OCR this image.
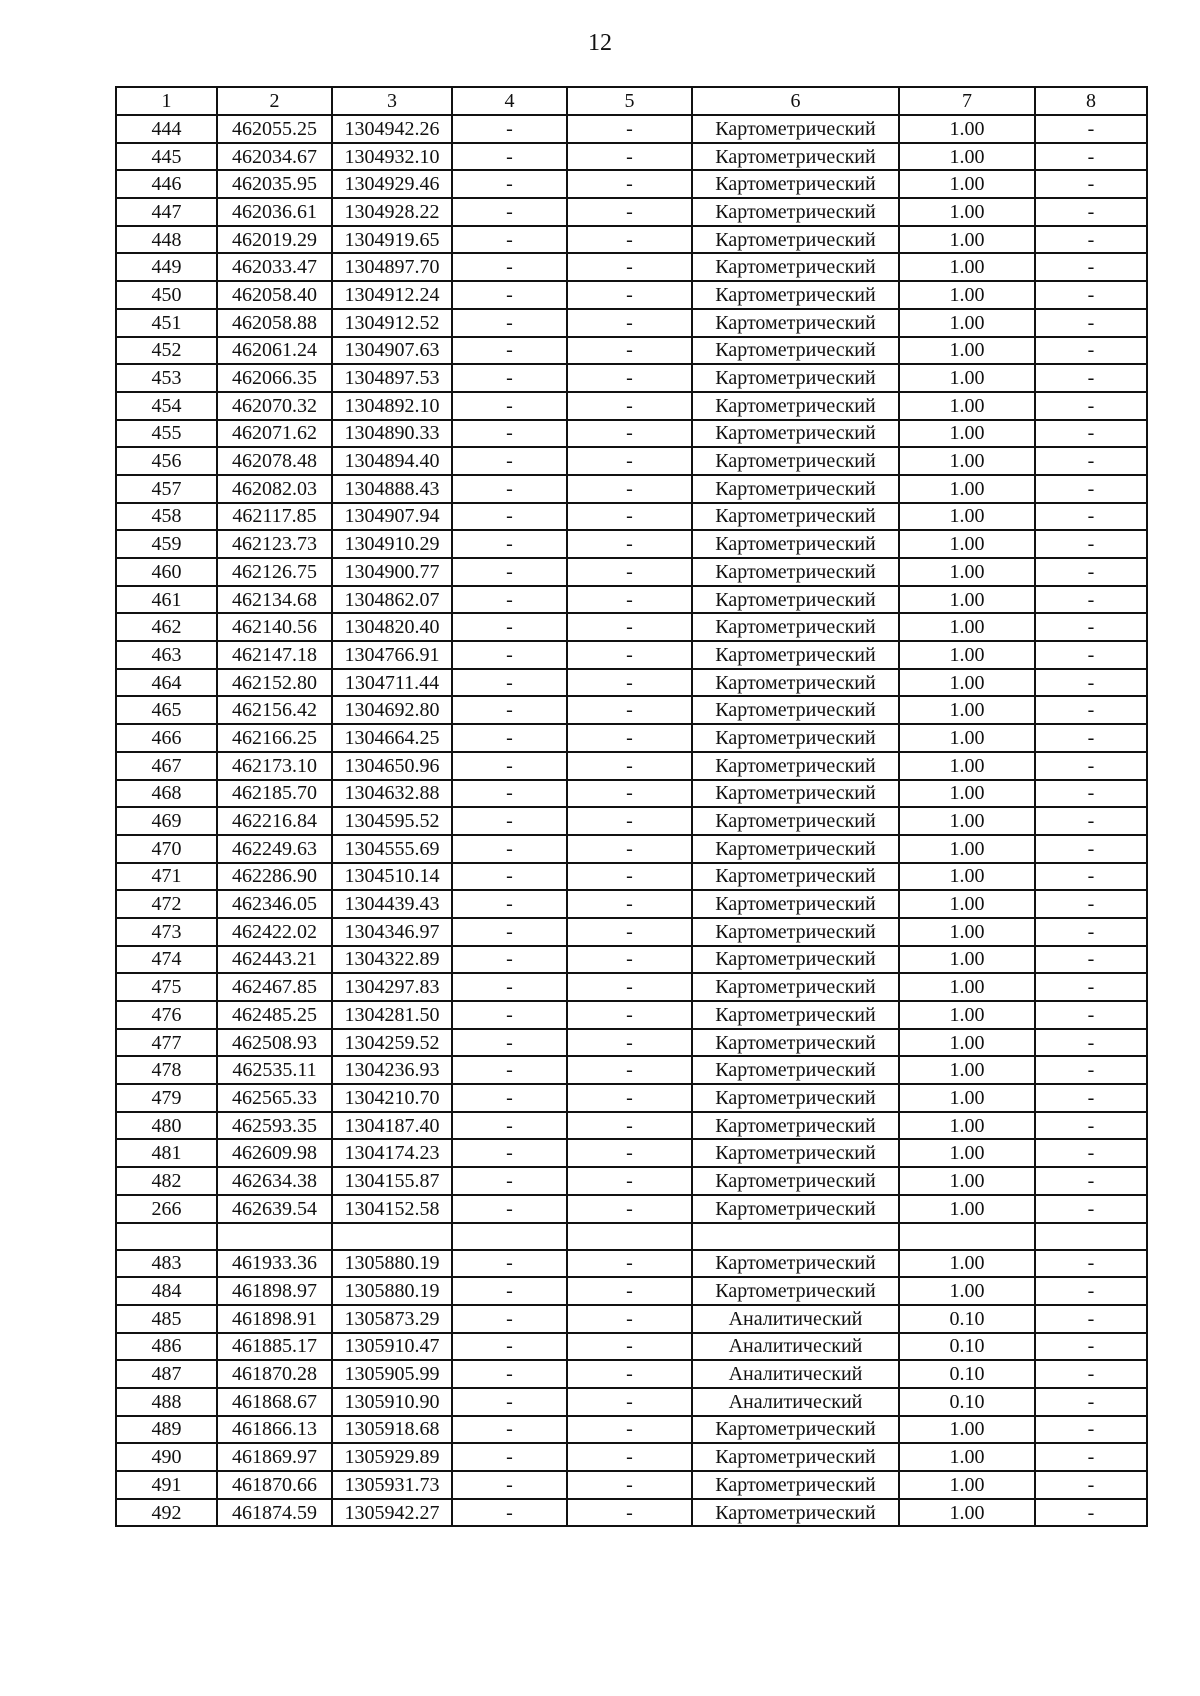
12
1	2	3	4	5	6	7	8
444	462055.25	1304942.26	-	-	Картометрический	1.00	-
445	462034.67	1304932.10	-	-	Картометрический	1.00	-
446	462035.95	1304929.46	-	-	Картометрический	1.00	-
447	462036.61	1304928.22	-	-	Картометрический	1.00	-
448	462019.29	1304919.65	-	-	Картометрический	1.00	-
449	462033.47	1304897.70	-	-	Картометрический	1.00	-
450	462058.40	1304912.24	-	-	Картометрический	1.00	-
451	462058.88	1304912.52	-	-	Картометрический	1.00	-
452	462061.24	1304907.63	-	-	Картометрический	1.00	-
453	462066.35	1304897.53	-	-	Картометрический	1.00	-
454	462070.32	1304892.10	-	-	Картометрический	1.00	-
455	462071.62	1304890.33	-	-	Картометрический	1.00	-
456	462078.48	1304894.40	-	-	Картометрический	1.00	-
457	462082.03	1304888.43	-	-	Картометрический	1.00	-
458	462117.85	1304907.94	-	-	Картометрический	1.00	-
459	462123.73	1304910.29	-	-	Картометрический	1.00	-
460	462126.75	1304900.77	-	-	Картометрический	1.00	-
461	462134.68	1304862.07	-	-	Картометрический	1.00	-
462	462140.56	1304820.40	-	-	Картометрический	1.00	-
463	462147.18	1304766.91	-	-	Картометрический	1.00	-
464	462152.80	1304711.44	-	-	Картометрический	1.00	-
465	462156.42	1304692.80	-	-	Картометрический	1.00	-
466	462166.25	1304664.25	-	-	Картометрический	1.00	-
467	462173.10	1304650.96	-	-	Картометрический	1.00	-
468	462185.70	1304632.88	-	-	Картометрический	1.00	-
469	462216.84	1304595.52	-	-	Картометрический	1.00	-
470	462249.63	1304555.69	-	-	Картометрический	1.00	-
471	462286.90	1304510.14	-	-	Картометрический	1.00	-
472	462346.05	1304439.43	-	-	Картометрический	1.00	-
473	462422.02	1304346.97	-	-	Картометрический	1.00	-
474	462443.21	1304322.89	-	-	Картометрический	1.00	-
475	462467.85	1304297.83	-	-	Картометрический	1.00	-
476	462485.25	1304281.50	-	-	Картометрический	1.00	-
477	462508.93	1304259.52	-	-	Картометрический	1.00	-
478	462535.11	1304236.93	-	-	Картометрический	1.00	-
479	462565.33	1304210.70	-	-	Картометрический	1.00	-
480	462593.35	1304187.40	-	-	Картометрический	1.00	-
481	462609.98	1304174.23	-	-	Картометрический	1.00	-
482	462634.38	1304155.87	-	-	Картометрический	1.00	-
266	462639.54	1304152.58	-	-	Картометрический	1.00	-

483	461933.36	1305880.19	-	-	Картометрический	1.00	-
484	461898.97	1305880.19	-	-	Картометрический	1.00	-
485	461898.91	1305873.29	-	-	Аналитический	0.10	-
486	461885.17	1305910.47	-	-	Аналитический	0.10	-
487	461870.28	1305905.99	-	-	Аналитический	0.10	-
488	461868.67	1305910.90	-	-	Аналитический	0.10	-
489	461866.13	1305918.68	-	-	Картометрический	1.00	-
490	461869.97	1305929.89	-	-	Картометрический	1.00	-
491	461870.66	1305931.73	-	-	Картометрический	1.00	-
492	461874.59	1305942.27	-	-	Картометрический	1.00	-
